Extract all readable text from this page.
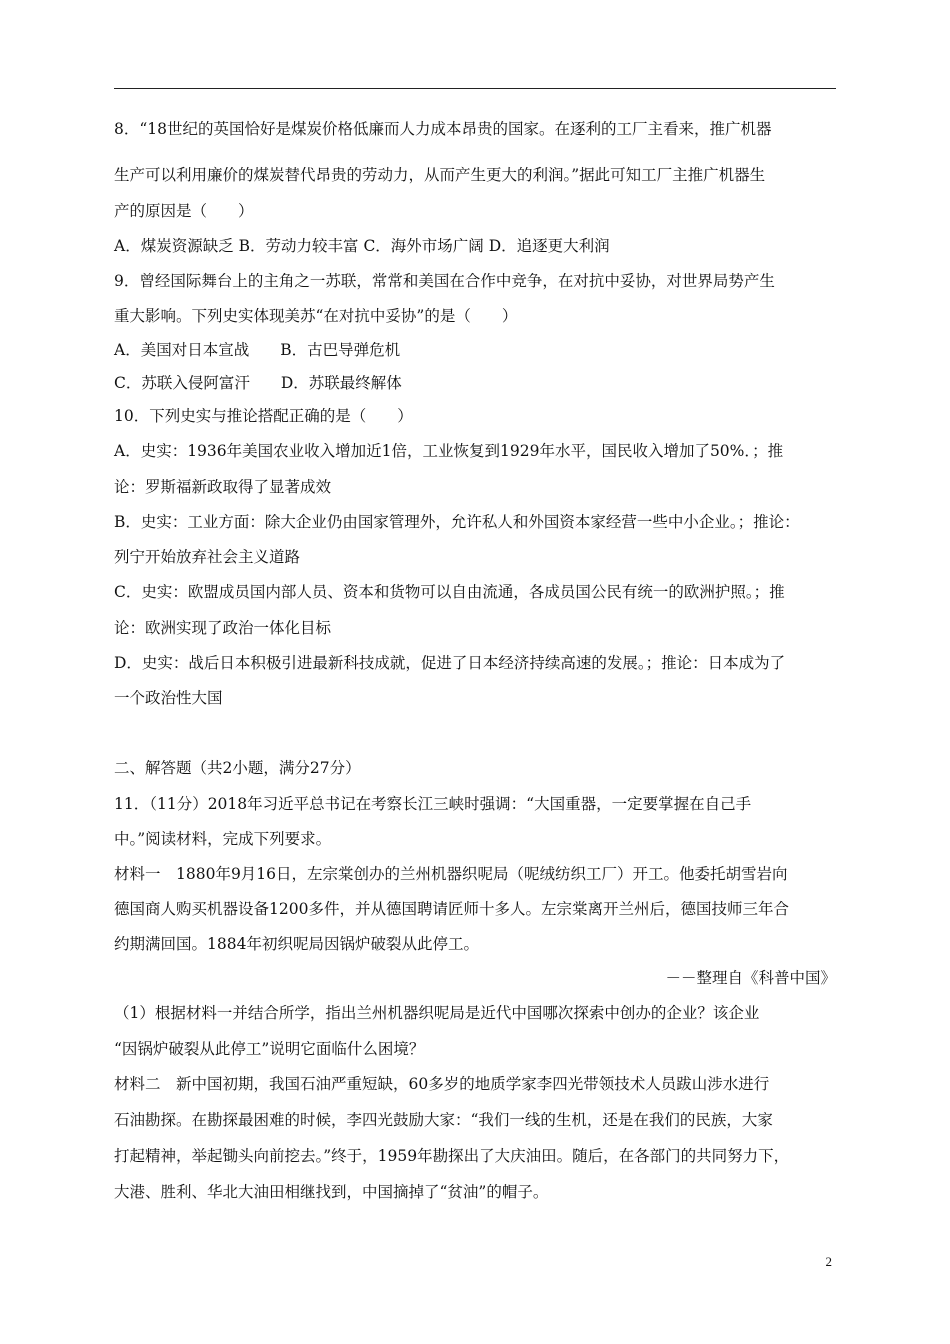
8．“18世纪的英国恰好是煤炭价格低廉而人力成本昂贵的国家。在逐利的工厂主看来，推广机器
生产可以利用廉价的煤炭替代昂贵的劳动力，从而产生更大的利润。”据此可知工厂主推广机器生
产的原因是（　　）
A．煤炭资源缺乏 B．劳动力较丰富 C．海外市场广阔 D．追逐更大利润
9．曾经国际舞台上的主角之一苏联，常常和美国在合作中竞争，在对抗中妥协，对世界局势产生
重大影响。下列史实体现美苏“在对抗中妥协”的是（　　）
A．美国对日本宣战　　B．古巴导弹危机
C．苏联入侵阿富汗　　D．苏联最终解体
10．下列史实与推论搭配正确的是（　　）
A．史实：1936年美国农业收入增加近1倍，工业恢复到1929年水平，国民收入增加了50%．；推
论：罗斯福新政取得了显著成效
B．史实：工业方面：除大企业仍由国家管理外，允许私人和外国资本家经营一些中小企业。；推论：
列宁开始放弃社会主义道路
C．史实：欧盟成员国内部人员、资本和货物可以自由流通，各成员国公民有统一的欧洲护照。；推
论：欧洲实现了政治一体化目标
D．史实：战后日本积极引进最新科技成就，促进了日本经济持续高速的发展。；推论：日本成为了
一个政治性大国
二、解答题（共2小题，满分27分）
11．（11分）2018年习近平总书记在考察长江三峡时强调：“大国重器，一定要掌握在自己手
中。”阅读材料，完成下列要求。
材料一　1880年9月16日，左宗棠创办的兰州机器织呢局（呢绒纺织工厂）开工。他委托胡雪岩向
德国商人购买机器设备1200多件，并从德国聘请匠师十多人。左宗棠离开兰州后，德国技师三年合
约期满回国。1884年初织呢局因锅炉破裂从此停工。
－－整理自《科普中国》
（1）根据材料一并结合所学，指出兰州机器织呢局是近代中国哪次探索中创办的企业？该企业
“因锅炉破裂从此停工”说明它面临什么困境？
材料二　新中国初期，我国石油严重短缺，60多岁的地质学家李四光带领技术人员跋山涉水进行
石油勘探。在勘探最困难的时候，李四光鼓励大家：“我们一线的生机，还是在我们的民族，大家
打起精神，举起锄头向前挖去。”终于，1959年勘探出了大庆油田。随后，在各部门的共同努力下，
大港、胜利、华北大油田相继找到，中国摘掉了“贫油”的帽子。
2
